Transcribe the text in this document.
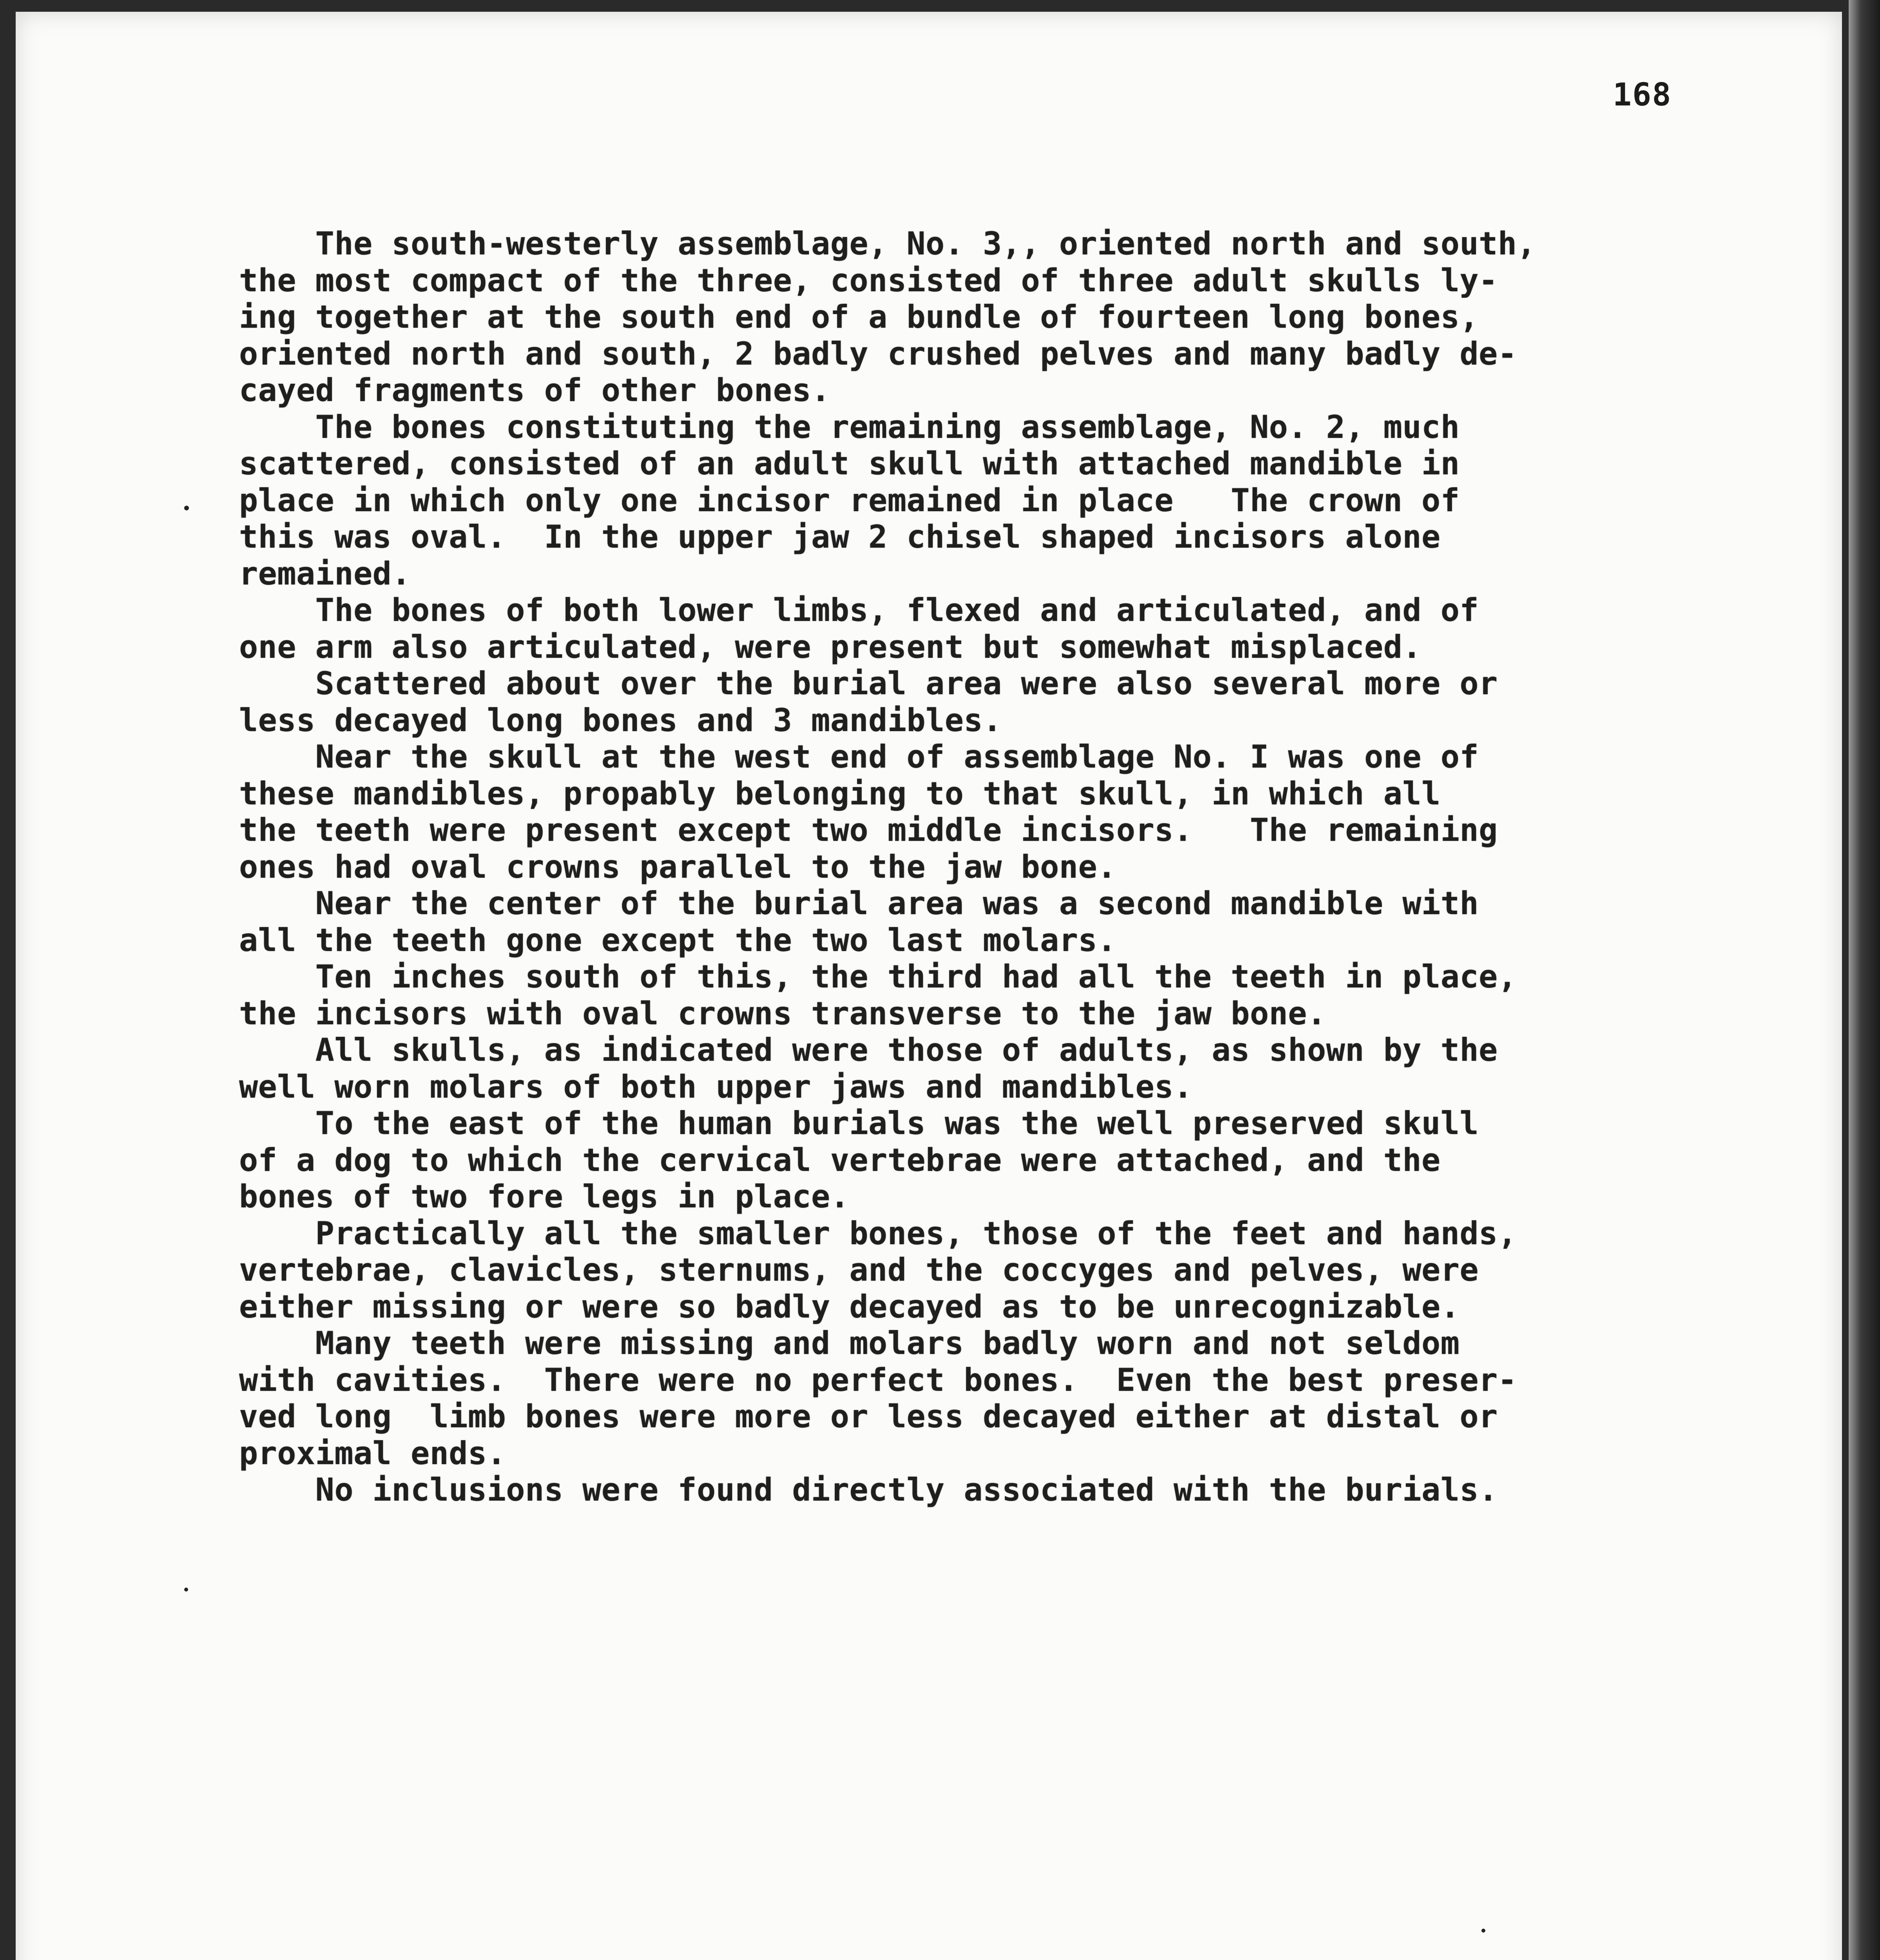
168
The south-westerly assemblage, No. 3,, oriented north and south,
the most compact of the three, consisted of three adult skulls ly-
ing together at the south end of a bundle of fourteen long bones,
oriented north and south, 2 badly crushed pelves and many badly de-
cayed fragments of other bones.
The bones constituting the remaining assemblage, No. 2, much
scattered, consisted of an adult skull with attached mandible in
place in which only one incisor remained in place   The crown of
this was oval.  In the upper jaw 2 chisel shaped incisors alone
remained.
The bones of both lower limbs, flexed and articulated, and of
one arm also articulated, were present but somewhat misplaced.
Scattered about over the burial area were also several more or
less decayed long bones and 3 mandibles.
Near the skull at the west end of assemblage No. I was one of
these mandibles, propably belonging to that skull, in which all
the teeth were present except two middle incisors.   The remaining
ones had oval crowns parallel to the jaw bone.
Near the center of the burial area was a second mandible with
all the teeth gone except the two last molars.
Ten inches south of this, the third had all the teeth in place,
the incisors with oval crowns transverse to the jaw bone.
All skulls, as indicated were those of adults, as shown by the
well worn molars of both upper jaws and mandibles.
To the east of the human burials was the well preserved skull
of a dog to which the cervical vertebrae were attached, and the
bones of two fore legs in place.
Practically all the smaller bones, those of the feet and hands,
vertebrae, clavicles, sternums, and the coccyges and pelves, were
either missing or were so badly decayed as to be unrecognizable.
Many teeth were missing and molars badly worn and not seldom
with cavities.  There were no perfect bones.  Even the best preser-
ved long  limb bones were more or less decayed either at distal or
proximal ends.
No inclusions were found directly associated with the burials.
